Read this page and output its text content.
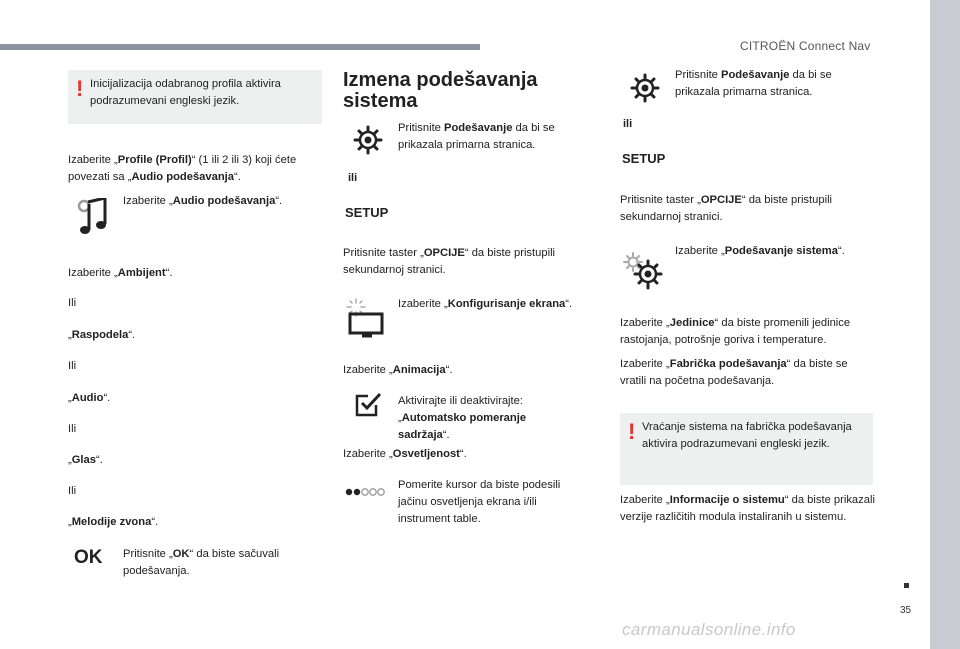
CITROËN Connect Nav
35
carmanualsonline.info
! Inicijalizacija odabranog profila aktivira podrazumevani engleski jezik.
Izaberite „Profile (Profil)“ (1 ili 2 ili 3) koji ćete povezati sa „Audio podešavanja“.
Izaberite „Audio podešavanja“.
Izaberite „Ambijent“.
Ili
„Raspodela“.
Ili
„Audio“.
Ili
„Glas“.
Ili
„Melodije zvona“.
OK Pritisnite „OK“ da biste sačuvali podešavanja.
Izmena podešavanja
sistema
Pritisnite Podešavanje da bi se prikazala primarna stranica.
ili
SETUP
Pritisnite taster „OPCIJE“ da biste pristupili sekundarnoj stranici.
Izaberite „Konfigurisanje ekrana“.
Izaberite „Animacija“.
Aktivirajte ili deaktivirajte: „Automatsko pomeranje sadržaja“.
Izaberite „Osvetljenost“.
Pomerite kursor da biste podesili jačinu osvetljenja ekrana i/ili instrument table.
Pritisnite Podešavanje da bi se prikazala primarna stranica.
ili
SETUP
Pritisnite taster „OPCIJE“ da biste pristupili sekundarnoj stranici.
Izaberite „Podešavanje sistema“.
Izaberite „Jedinice“ da biste promenili jedinice rastojanja, potrošnje goriva i temperature.
Izaberite „Fabrička podešavanja“ da biste se vratili na početna podešavanja.
! Vraćanje sistema na fabrička podešavanja aktivira podrazumevani engleski jezik.
Izaberite „Informacije o sistemu“ da biste prikazali verzije različitih modula instaliranih u sistemu.
